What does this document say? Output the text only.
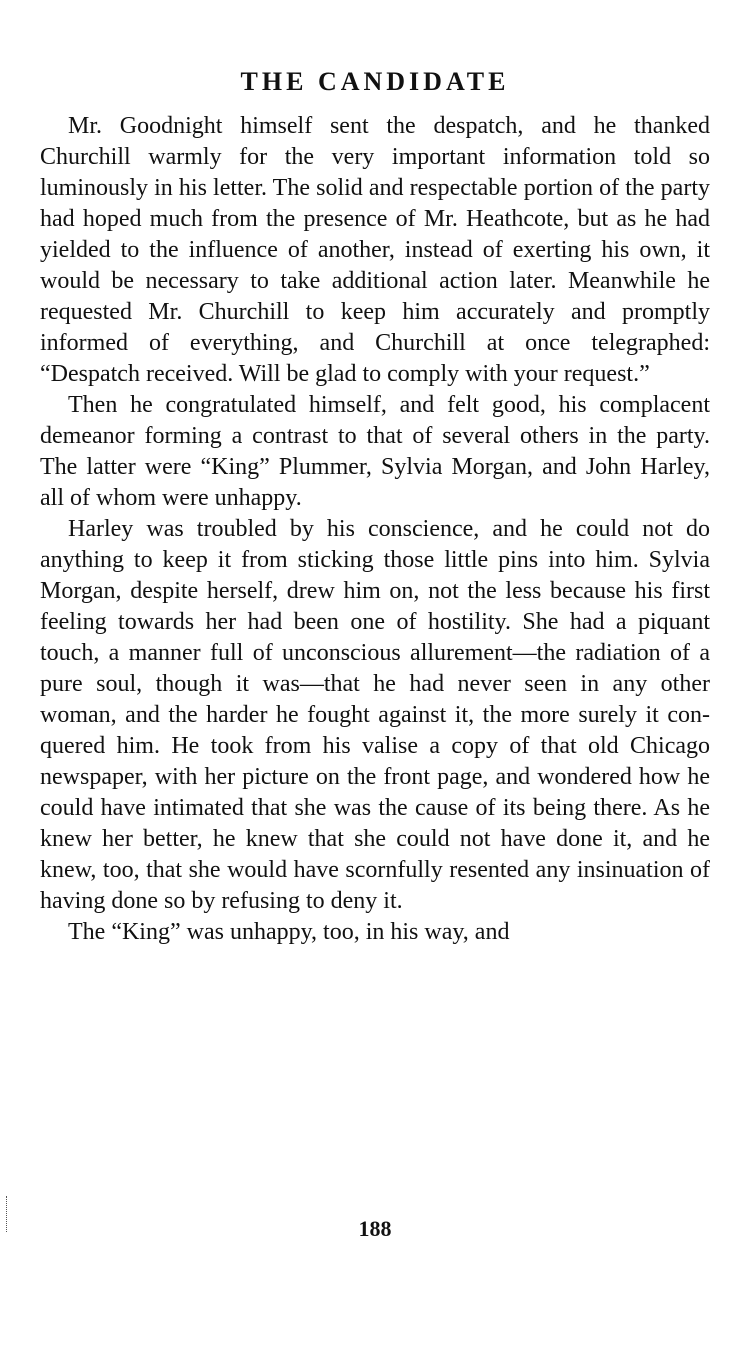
THE CANDIDATE

Mr. Goodnight himself sent the despatch, and he thanked Churchill warmly for the very important information told so luminously in his letter. The solid and respectable portion of the party had hoped much from the presence of Mr. Heathcote, but as he had yielded to the influence of another, instead of exerting his own, it would be necessary to take additional action later. Meanwhile he requested Mr. Churchill to keep him accurately and promptly informed of everything, and Churchill at once telegraphed: “Despatch received. Will be glad to comply with your request.”

Then he congratulated himself, and felt good, his complacent demeanor forming a contrast to that of several others in the party. The latter were “King” Plummer, Sylvia Morgan, and John Harley, all of whom were unhappy.

Harley was troubled by his conscience, and he could not do anything to keep it from sticking those little pins into him. Sylvia Morgan, despite herself, drew him on, not the less because his first feeling towards her had been one of hostility. She had a piquant touch, a manner full of unconscious allurement—the radiation of a pure soul, though it was—that he had never seen in any other woman, and the harder he fought against it, the more surely it conquered him. He took from his valise a copy of that old Chicago newspaper, with her picture on the front page, and wondered how he could have intimated that she was the cause of its being there. As he knew her better, he knew that she could not have done it, and he knew, too, that she would have scornfully resented any insinuation of having done so by refusing to deny it.

The “King” was unhappy, too, in his way, and

188
